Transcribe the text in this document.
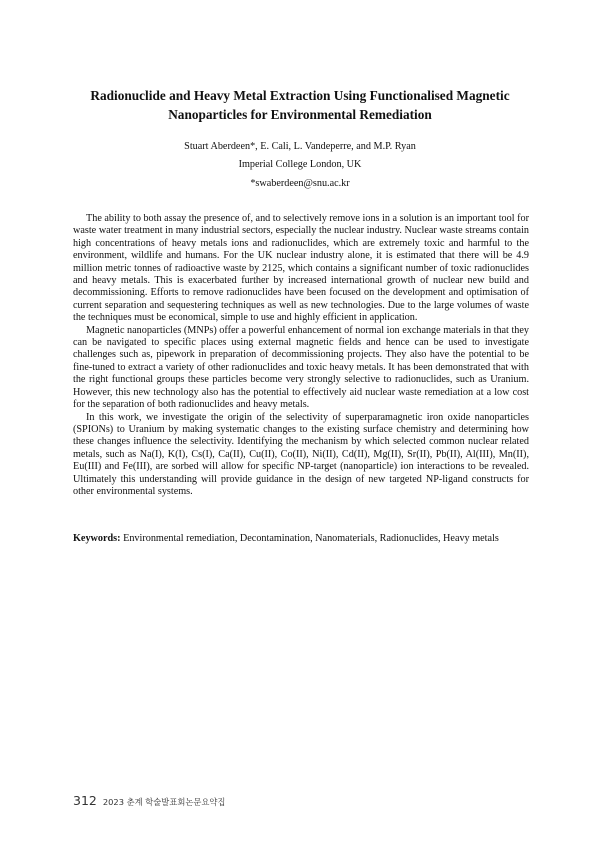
Radionuclide and Heavy Metal Extraction Using Functionalised Magnetic
Nanoparticles for Environmental Remediation
Stuart Aberdeen*, E. Cali, L. Vandeperre, and M.P. Ryan
Imperial College London, UK
*swaberdeen@snu.ac.kr

The ability to both assay the presence of, and to selectively remove ions in a solution is an important tool for waste water treatment in many industrial sectors, especially the nuclear industry. Nuclear waste streams contain high concentrations of heavy metals ions and radionuclides, which are extremely toxic and harmful to the environment, wildlife and humans. For the UK nuclear industry alone, it is estimated that there will be 4.9 million metric tonnes of radioactive waste by 2125, which contains a significant number of toxic radionuclides and heavy metals. This is exacerbated further by increased international growth of nuclear new build and decommissioning. Efforts to remove radionuclides have been focused on the development and optimisation of current separation and sequestering techniques as well as new technologies. Due to the large volumes of waste the techniques must be economical, simple to use and highly efficient in application.

Magnetic nanoparticles (MNPs) offer a powerful enhancement of normal ion exchange materials in that they can be navigated to specific places using external magnetic fields and hence can be used to investigate challenges such as, pipework in preparation of decommissioning projects. They also have the potential to be fine-tuned to extract a variety of other radionuclides and toxic heavy metals. It has been demonstrated that with the right functional groups these particles become very strongly selective to radionuclides, such as Uranium. However, this new technology also has the potential to effectively aid nuclear waste remediation at a low cost for the separation of both radionuclides and heavy metals.

In this work, we investigate the origin of the selectivity of superparamagnetic iron oxide nanoparticles (SPIONs) to Uranium by making systematic changes to the existing surface chemistry and determining how these changes influence the selectivity. Identifying the mechanism by which selected common nuclear related metals, such as Na(I), K(I), Cs(I), Ca(II), Cu(II), Co(II), Ni(II), Cd(II), Mg(II), Sr(II), Pb(II), Al(III), Mn(II), Eu(III) and Fe(III), are sorbed will allow for specific NP-target (nanoparticle) ion interactions to be revealed. Ultimately this understanding will provide guidance in the design of new targeted NP-ligand constructs for other environmental systems.

Keywords: Environmental remediation, Decontamination, Nanomaterials, Radionuclides, Heavy metals
312 2023 춘계 학술발표회논문요약집
